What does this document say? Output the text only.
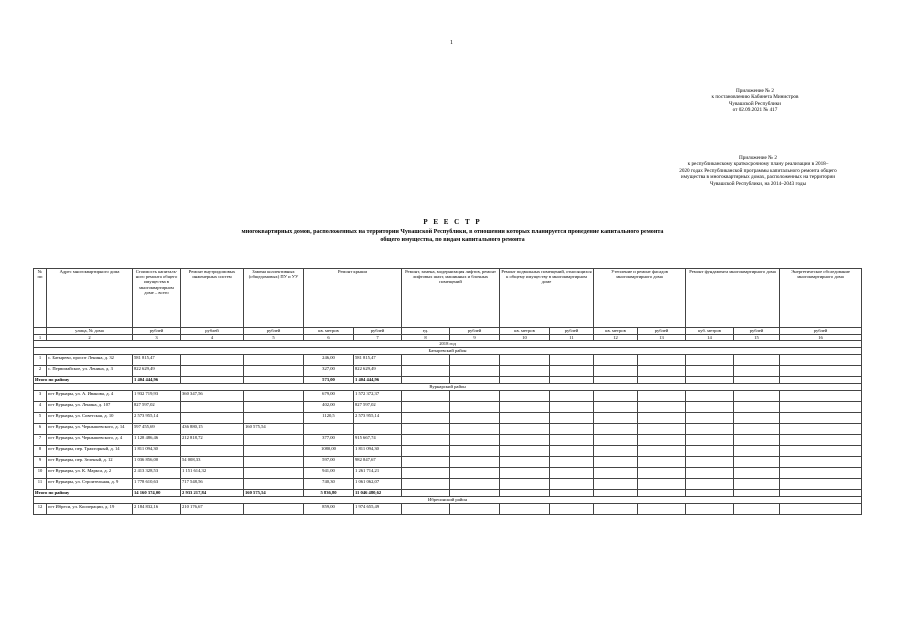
1
Приложение № 2
к постановлению Кабинета Министров
Чувашской Республики
от 02.09.2021 № 417
Приложение № 2
к республиканскому краткосрочному плану реализации в 2018–
2020 годах Республиканской программы капитального ремонта общего
имущества в многоквартирных домах, расположенных на территории
Чувашской Республики, на 2014–2043 годы
Р Е Е С Т Р
многоквартирных домов, расположенных на территории Чувашской Республики, в отношении которых планируется проведение капитального ремонта
общего имущества, по видам капитального ремонта
№ пп	Адрес многоквартирного дома	Стоимость капиталь-ного ремонта общего имущества в многоквартирном доме – всего	Ремонт внутридомовых инженерных систем	Замена коллективных (общедомовых) ПУ и УУ	Ремонт крыши		Ремонт, замена, модернизация лифтов, ремонт лифтовых шахт, машинных и блочных помещений		Ремонт подвальных помещений, относящихся к общему имуществу в многоквартирном доме		Утепление и ремонт фасадов многоквартирного дома		Ремонт фундамента многоквартирного дома		Энергетическое обследование многоквартирного дома
	улица, № дома	рублей	рублей	рублей	кв. метров	рублей	ед.	рублей	кв. метров	рублей	кв. метров	рублей	куб. метров	рублей	рублей
1	2	3	4	5	6	7	8	9	10	11	12	13	14	15	16
2018 год															
Батыревский район															
1	с. Батырево, проспт Ленина, д. 32	581 815,47			246,00	581 815,47									
2	с. Первомайское, ул. Ленина, д. 3	822 629,49			327,00	822 629,49									
Итого по району		1 404 444,96			573,00	1 404 444,96									
Вурнарский район															
3	пгт Вурнары, ул. А. Иванова, д. 4	1 932 719,93	360 347,56		679,00	1 572 372,37									
4	пгт Вурнары, ул. Ленина, д. 107	827 597,02			402,00	827 597,02									
5	пгт Вурнары, ул. Советская, д. 10	2 573 955,14			1120,5	2 573 955,14									
6	пгт Вурнары, ул. Чернышевского, д. 14	597 455,69	436 880,15	160 575,54											
7	пгт Вурнары, ул. Чернышевского, д. 4	1 128 486,46	212 818,72		377,00	915 667,74									
8	пгт Вурнары, пер. Тракторный, д. 14	1 811 094,30			1080,00	1 811 094,30									
9	пгт Вурнары, пер. Зеленый, д. 12	1 036 856,00	54 008,33		597,00	982 847,67									
10	пгт Вурнары, ул. К. Маркса, д. 2	2 413 328,53	1 151 614,32		941,00	1 261 714,21									
11	пгт Вурнары, ул. Строительная, д. 9	1 778 610,63	717 548,56		740,30	1 061 062,07									
Итого по району		14 160 374,00	2 933 217,84	160 575,54	5 836,80	11 046 480,62									
Ибресинский район															
12	пгт Ибреси, ул. Кооперации, д. 19	2 184 832,16	210 176,67		859,00	1 974 655,49									
